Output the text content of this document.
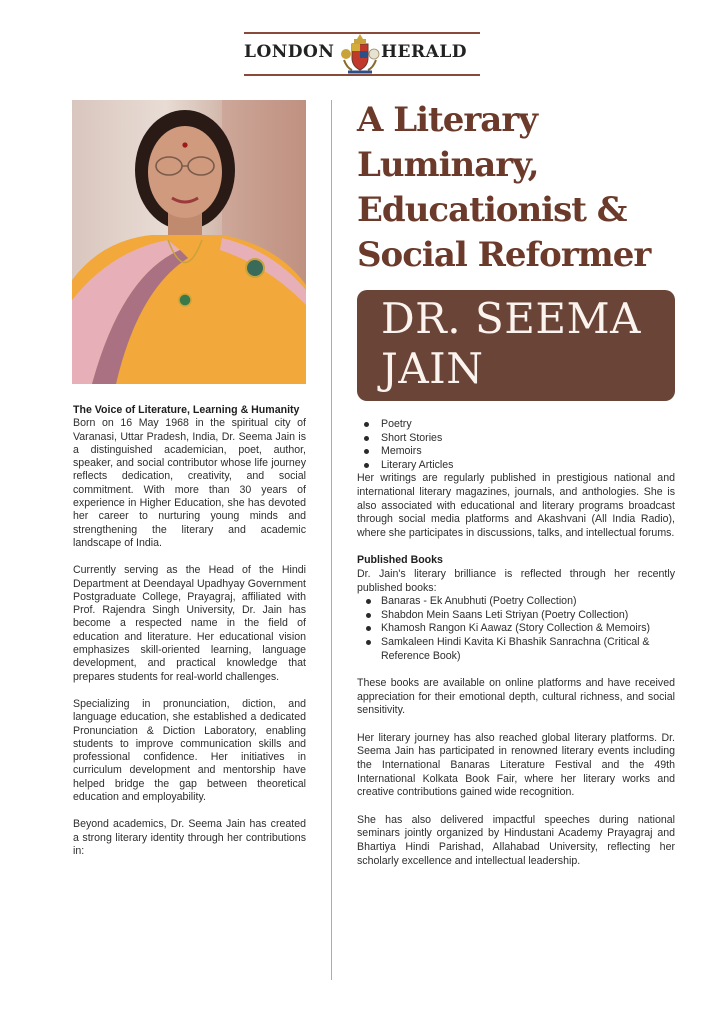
LONDON	HERALD

The Voice of Literature, Learning & Humanity

Born on 16 May 1968 in the spiritual city of Varanasi, Uttar Pradesh, India, Dr. Seema Jain is a distinguished academician, poet, author, speaker, and social contributor whose life journey reflects dedication, creativity, and social commitment. With more than 30 years of experience in Higher Education, she has devoted her career to nurturing young minds and strengthening the literary and academic landscape of India.

Currently serving as the Head of the Hindi Department at Deendayal Upadhyay Government Postgraduate College, Prayagraj, affiliated with Prof. Rajendra Singh University, Dr. Jain has become a respected name in the field of education and literature. Her educational vision emphasizes skill-oriented learning, language development, and practical knowledge that prepares students for real-world challenges.

Specializing in pronunciation, diction, and language education, she established a dedicated Pronunciation & Diction Laboratory, enabling students to improve communication skills and professional confidence. Her initiatives in curriculum development and mentorship have helped bridge the gap between theoretical education and employability.

Beyond academics, Dr. Seema Jain has created a strong literary identity through her contributions in:

A Literary Luminary, Educationist & Social Reformer
DR. SEEMA JAIN
Poetry
Short Stories
Memoirs
Literary Articles

Her writings are regularly published in prestigious national and international literary magazines, journals, and anthologies. She is also associated with educational and literary programs broadcast through social media platforms and Akashvani (All India Radio), where she participates in discussions, talks, and intellectual forums.

Published Books

Dr. Jain's literary brilliance is reflected through her recently published books:

Banaras - Ek Anubhuti (Poetry Collection)
Shabdon Mein Saans Leti Striyan (Poetry Collection)
Khamosh Rangon Ki Aawaz (Story Collection & Memoirs)
Samkaleen Hindi Kavita Ki Bhashik Sanrachna (Critical & Reference Book)

These books are available on online platforms and have received appreciation for their emotional depth, cultural richness, and social sensitivity.

Her literary journey has also reached global literary platforms. Dr. Seema Jain has participated in renowned literary events including the International Banaras Literature Festival and the 49th International Kolkata Book Fair, where her literary works and creative contributions gained wide recognition.

She has also delivered impactful speeches during national seminars jointly organized by Hindustani Academy Prayagraj and Bhartiya Hindi Parishad, Allahabad University, reflecting her scholarly excellence and intellectual leadership.
